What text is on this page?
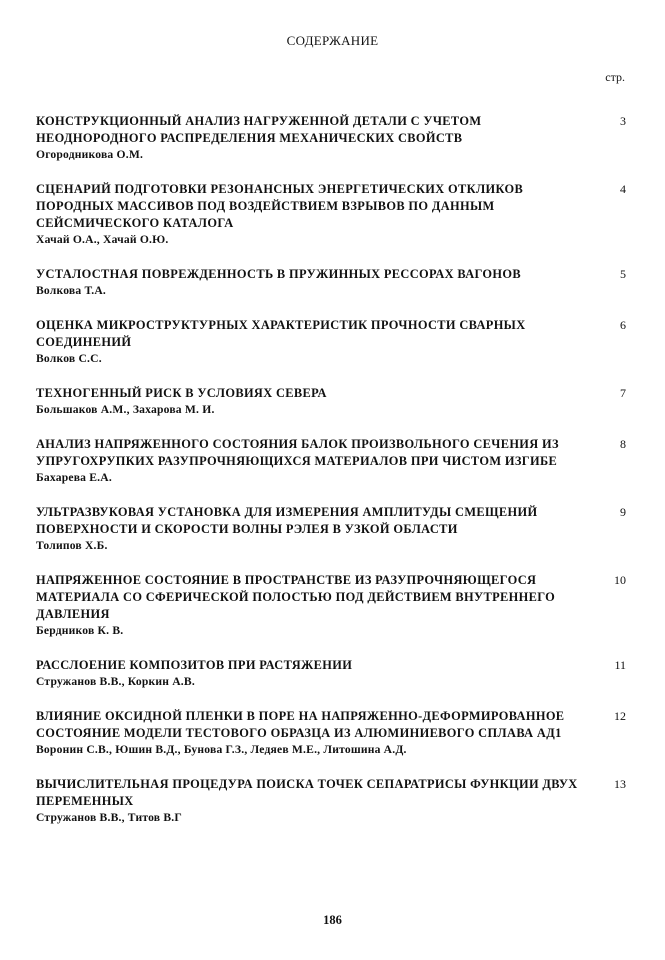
СОДЕРЖАНИЕ
стр.
КОНСТРУКЦИОННЫЙ АНАЛИЗ НАГРУЖЕННОЙ ДЕТАЛИ С УЧЕТОМ НЕОДНОРОДНОГО РАСПРЕДЕЛЕНИЯ МЕХАНИЧЕСКИХ СВОЙСТВ
Огородникова О.М.
3
СЦЕНАРИЙ ПОДГОТОВКИ РЕЗОНАНСНЫХ ЭНЕРГЕТИЧЕСКИХ ОТКЛИКОВ ПОРОДНЫХ МАССИВОВ ПОД ВОЗДЕЙСТВИЕМ ВЗРЫВОВ ПО ДАННЫМ СЕЙСМИЧЕСКОГО КАТАЛОГА
Хачай О.А., Хачай О.Ю.
4
УСТАЛОСТНАЯ ПОВРЕЖДЕННОСТЬ В ПРУЖИННЫХ РЕССОРАХ ВАГОНОВ
Волкова Т.А.
5
ОЦЕНКА МИКРОСТРУКТУРНЫХ ХАРАКТЕРИСТИК ПРОЧНОСТИ СВАРНЫХ СОЕДИНЕНИЙ
Волков С.С.
6
ТЕХНОГЕННЫЙ РИСК В УСЛОВИЯХ СЕВЕРА
Большаков А.М., Захарова М. И.
7
АНАЛИЗ НАПРЯЖЕННОГО СОСТОЯНИЯ БАЛОК ПРОИЗВОЛЬНОГО СЕЧЕНИЯ ИЗ УПРУГОХРУПКИХ РАЗУПРОЧНЯЮЩИХСЯ МАТЕРИАЛОВ ПРИ ЧИСТОМ ИЗГИБЕ
Бахарева Е.А.
8
УЛЬТРАЗВУКОВАЯ УСТАНОВКА ДЛЯ ИЗМЕРЕНИЯ АМПЛИТУДЫ СМЕЩЕНИЙ ПОВЕРХНОСТИ И СКОРОСТИ ВОЛНЫ РЭЛЕЯ В УЗКОЙ ОБЛАСТИ
Толипов Х.Б.
9
НАПРЯЖЕННОЕ СОСТОЯНИЕ В ПРОСТРАНСТВЕ ИЗ РАЗУПРОЧНЯЮЩЕГОСЯ МАТЕРИАЛА СО СФЕРИЧЕСКОЙ ПОЛОСТЬЮ ПОД ДЕЙСТВИЕМ ВНУТРЕННЕГО ДАВЛЕНИЯ
Бердников К. В.
10
РАССЛОЕНИЕ КОМПОЗИТОВ ПРИ РАСТЯЖЕНИИ
Стружанов В.В., Коркин А.В.
11
ВЛИЯНИЕ ОКСИДНОЙ ПЛЕНКИ В ПОРЕ НА НАПРЯЖЕННО-ДЕФОРМИРОВАННОЕ СОСТОЯНИЕ МОДЕЛИ ТЕСТОВОГО ОБРАЗЦА ИЗ АЛЮМИНИЕВОГО СПЛАВА АД1
Воронин С.В., Юшин В.Д., Бунова Г.З., Ледяев М.Е., Литошина А.Д.
12
ВЫЧИСЛИТЕЛЬНАЯ ПРОЦЕДУРА ПОИСКА ТОЧЕК СЕПАРАТРИСЫ ФУНКЦИИ ДВУХ ПЕРЕМЕННЫХ
Стружанов В.В., Титов В.Г
13
186
